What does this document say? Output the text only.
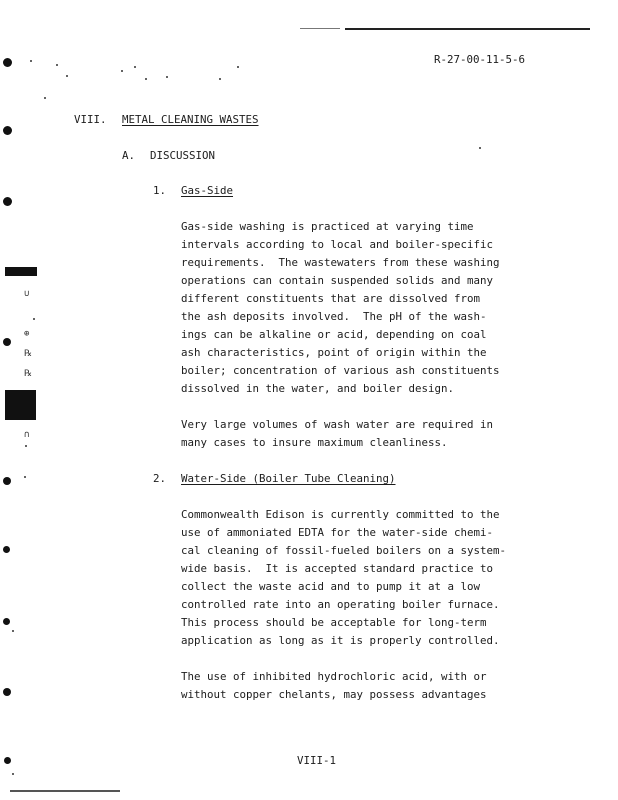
∪
⊕
℞
℞
∩
R-27-00-11-5-6
VIII. METAL CLEANING WASTES
A. DISCUSSION
1. Gas-Side
Gas-side washing is practiced at varying time
intervals according to local and boiler-specific
requirements.  The wastewaters from these washing
operations can contain suspended solids and many
different constituents that are dissolved from
the ash deposits involved.  The pH of the wash-
ings can be alkaline or acid, depending on coal
ash characteristics, point of origin within the
boiler; concentration of various ash constituents
dissolved in the water, and boiler design.
Very large volumes of wash water are required in
many cases to insure maximum cleanliness.
2. Water-Side (Boiler Tube Cleaning)
Commonwealth Edison is currently committed to the
use of ammoniated EDTA for the water-side chemi-
cal cleaning of fossil-fueled boilers on a system-
wide basis.  It is accepted standard practice to
collect the waste acid and to pump it at a low
controlled rate into an operating boiler furnace.
This process should be acceptable for long-term
application as long as it is properly controlled.
The use of inhibited hydrochloric acid, with or
without copper chelants, may possess advantages
VIII-1
